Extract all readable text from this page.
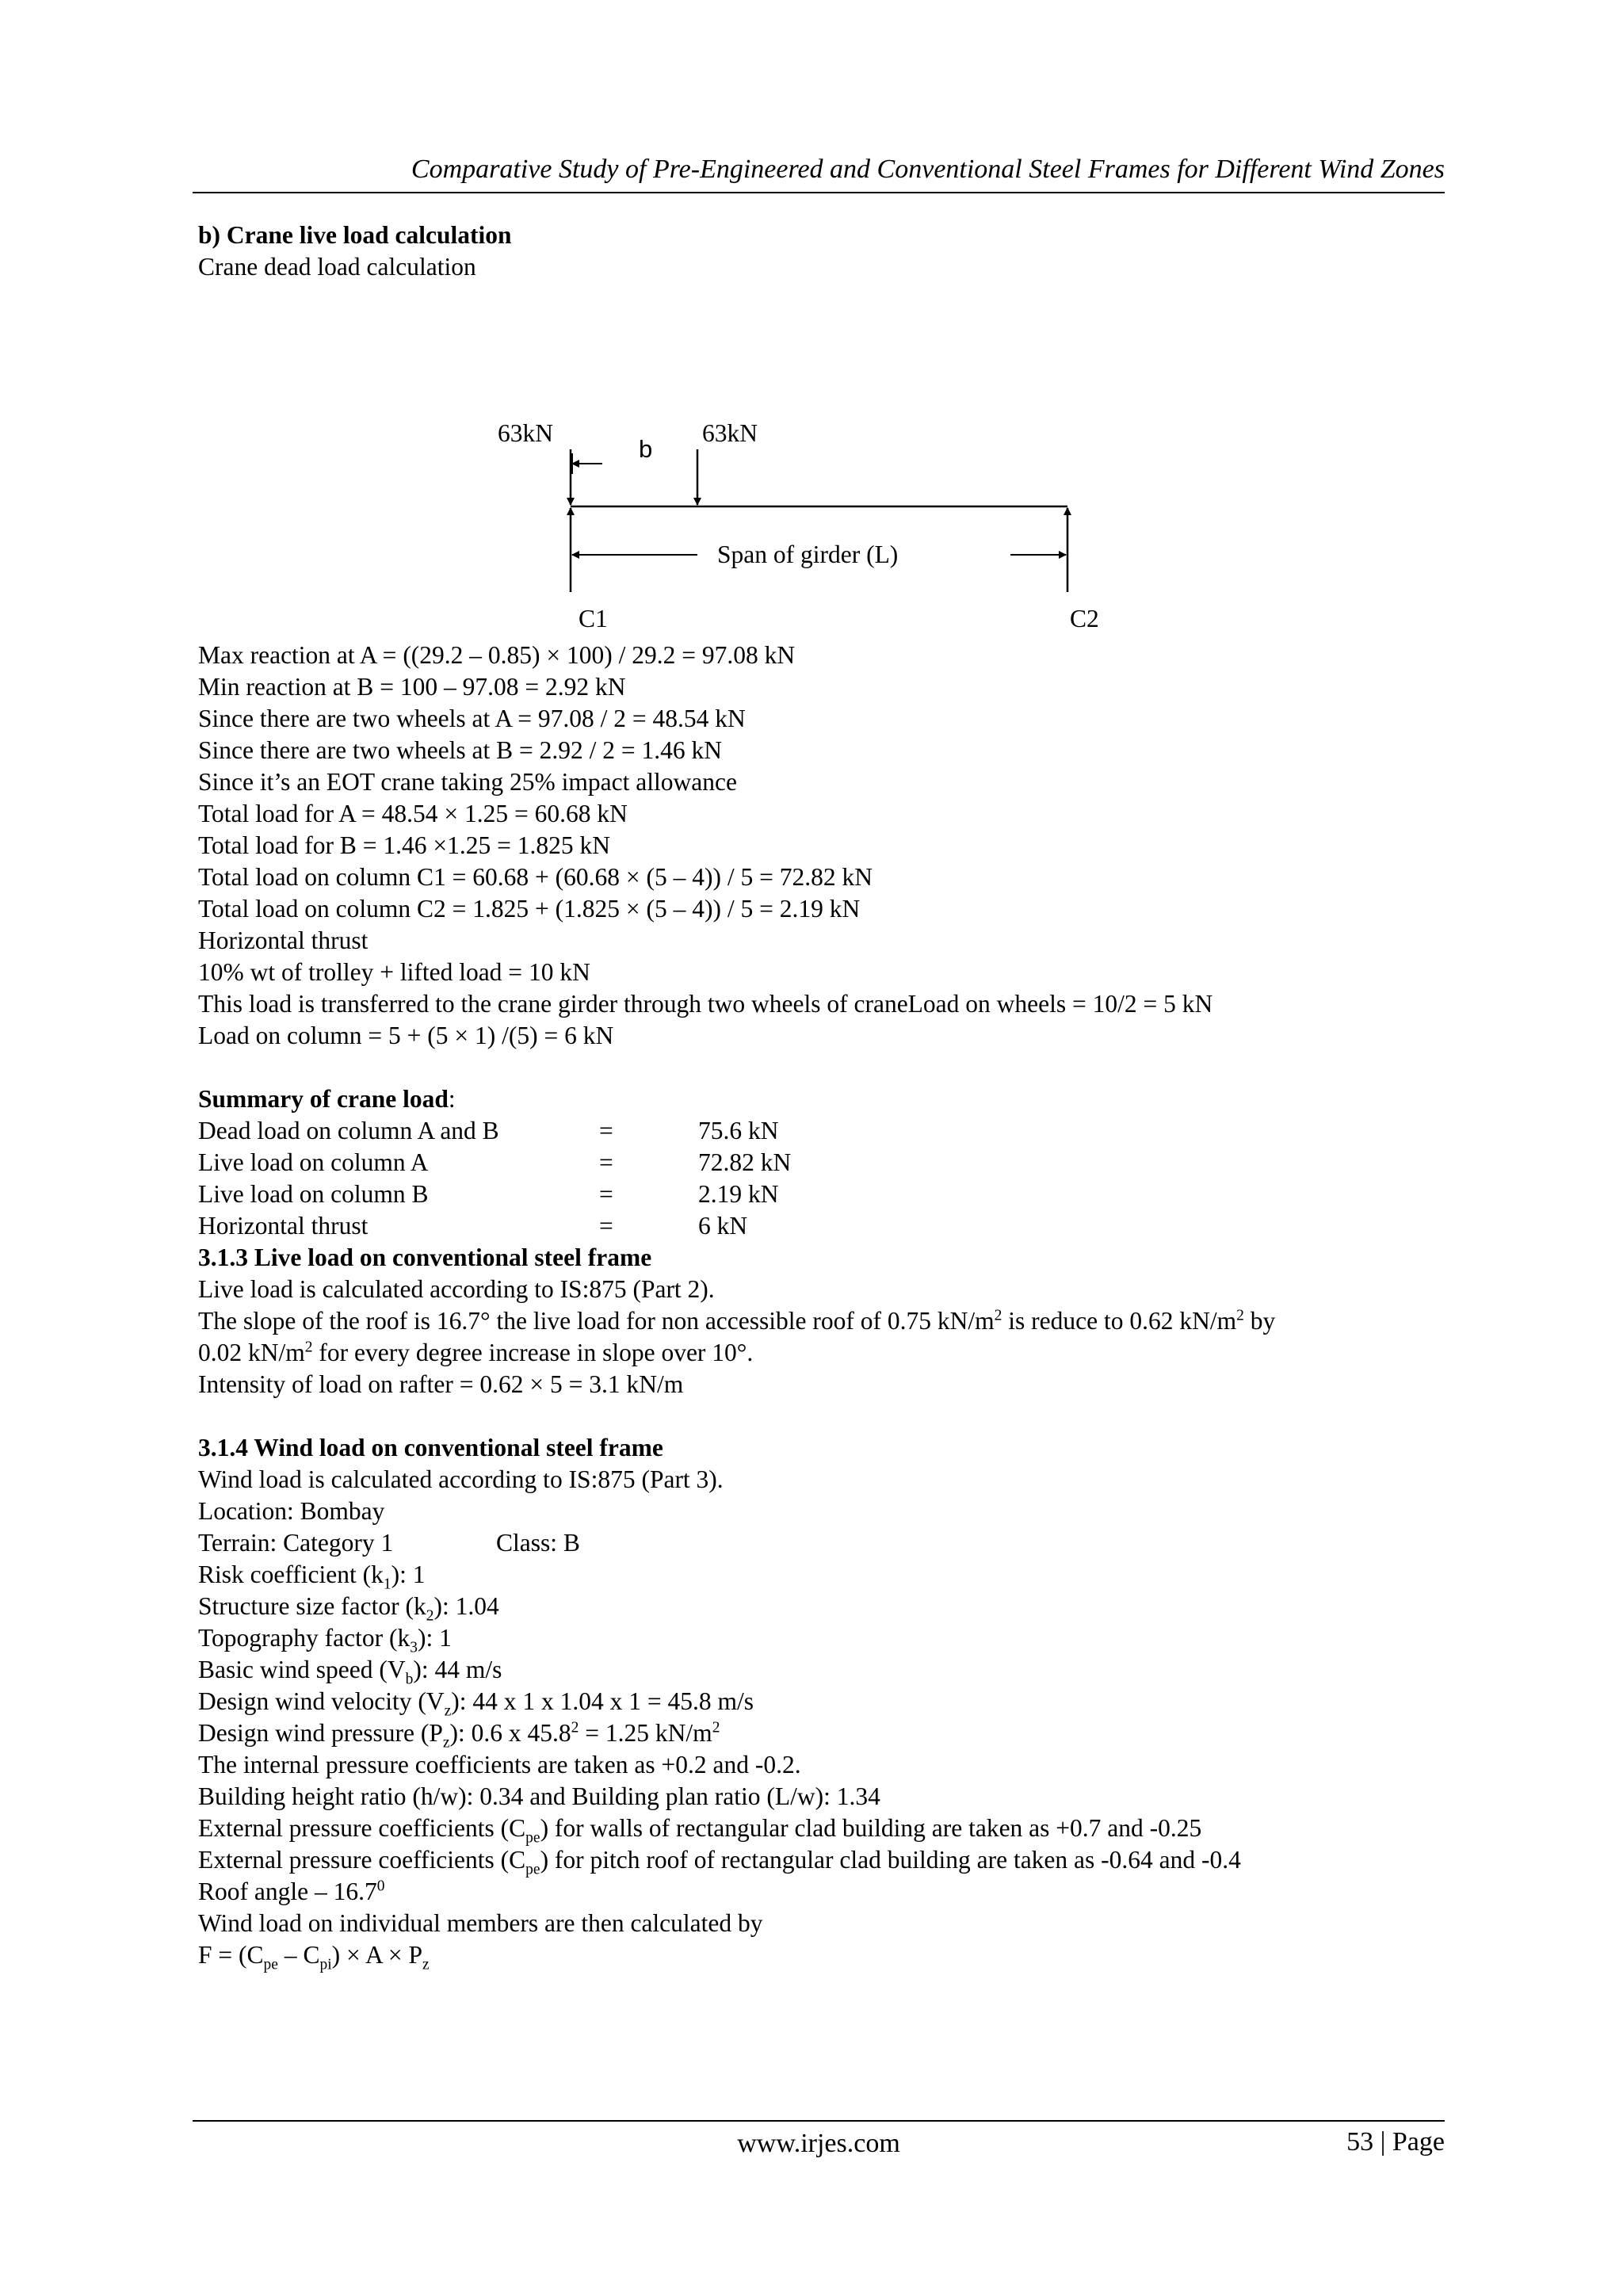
Comparative Study of Pre-Engineered and Conventional Steel Frames for Different Wind Zones
b) Crane live load calculation
Crane dead load calculation
63kN	63kN
b
Span of girder (L)
C1	C2
Max reaction at A = ((29.2 – 0.85) × 100) / 29.2 = 97.08 kN
Min reaction at B = 100 – 97.08 = 2.92 kN
Since there are two wheels at A = 97.08 / 2 = 48.54 kN
Since there are two wheels at B = 2.92 / 2 = 1.46 kN
Since it’s an EOT crane taking 25% impact allowance
Total load for A = 48.54 × 1.25 = 60.68 kN
Total load for B = 1.46 ×1.25 = 1.825 kN
Total load on column C1 = 60.68 + (60.68 × (5 – 4)) / 5 = 72.82 kN
Total load on column C2 = 1.825 + (1.825 × (5 – 4)) / 5 = 2.19 kN
Horizontal thrust
10% wt of trolley + lifted load = 10 kN
This load is transferred to the crane girder through two wheels of craneLoad on wheels = 10/2 = 5 kN
Load on column = 5 + (5 × 1) /(5) = 6 kN
Summary of crane load:
Dead load on column A and B	=	75.6 kN
Live load on column A	=	72.82 kN
Live load on column B	=	2.19 kN
Horizontal thrust	=	6 kN
3.1.3 Live load on conventional steel frame
Live load is calculated according to IS:875 (Part 2).
The slope of the roof is 16.7° the live load for non accessible roof of 0.75 $kN/m^2$ is reduce to 0.62 $kN/m^2$ by
0.02 $kN/m^2$ for every degree increase in slope over 10°.
Intensity of load on rafter = 0.62 × 5 = 3.1 kN/m
3.1.4 Wind load on conventional steel frame
Wind load is calculated according to IS:875 (Part 3).
Location: Bombay
Terrain: Category 1	Class: B
Risk coefficient $(k_1)$: 1
Structure size factor $(k_2)$: 1.04
Topography factor $(k_3)$: 1
Basic wind speed $(V_b)$: 44 m/s
Design wind velocity $(V_z)$: 44 x 1 x 1.04 x 1 = 45.8 m/s
Design wind pressure $(P_z)$: 0.6 x $45.8^2 = 1.25$ $kN/m^2$
The internal pressure coefficients are taken as +0.2 and -0.2.
Building height ratio (h/w): 0.34 and Building plan ratio (L/w): 1.34
External pressure coefficients $(C_{pe})$ for walls of rectangular clad building are taken as +0.7 and -0.25
External pressure coefficients $(C_{pe})$ for pitch roof of rectangular clad building are taken as -0.64 and -0.4
Roof angle – 16.7$^0$
Wind load on individual members are then calculated by
$F = (C_{pe} - C_{pi}) \times A \times P_z$
www.irjes.com	53 | Page
